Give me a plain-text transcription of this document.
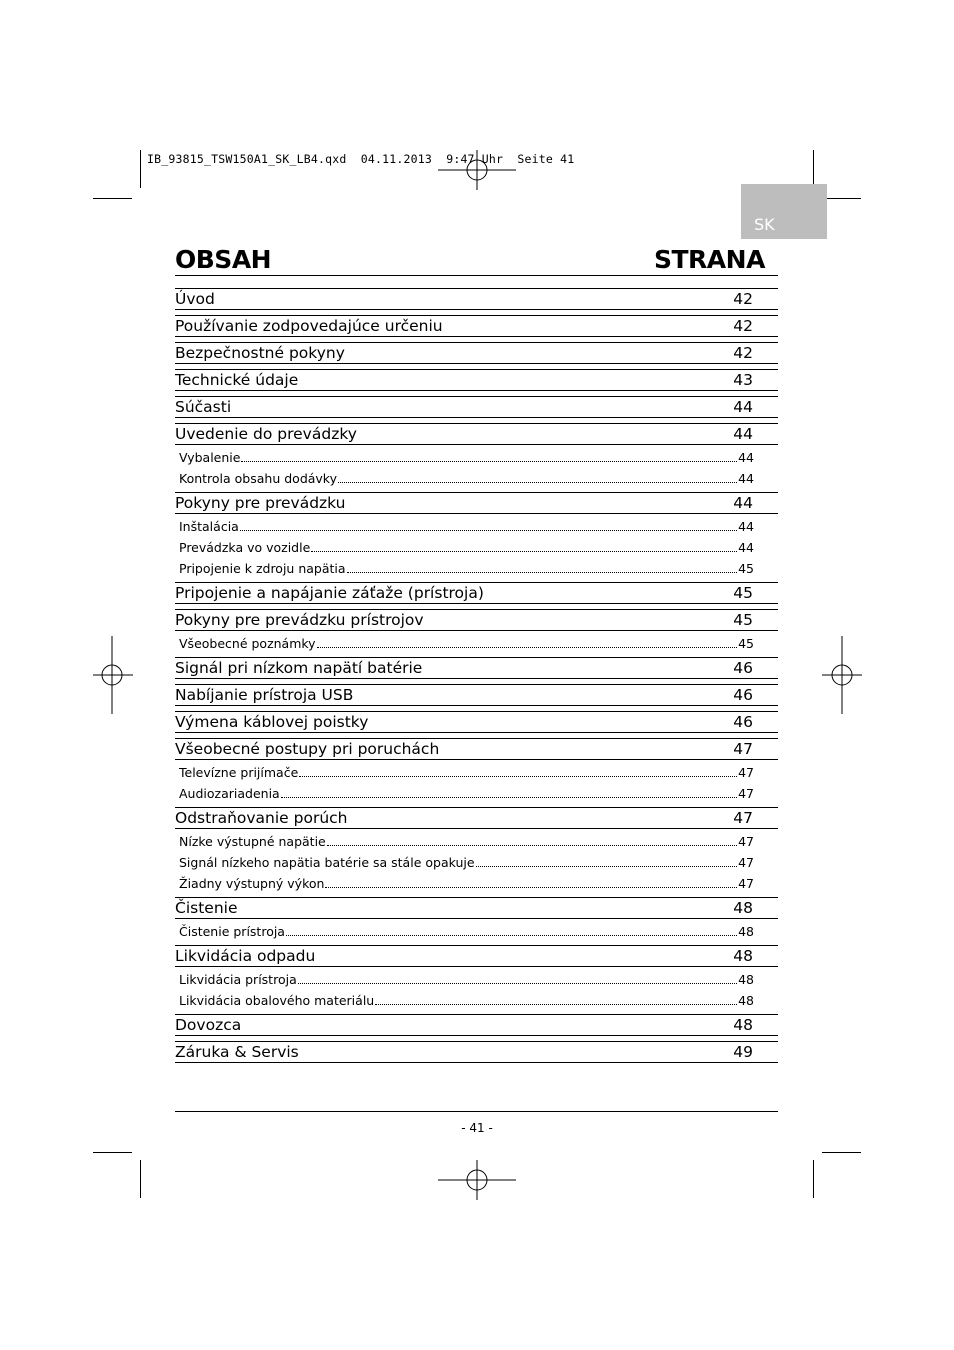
IB_93815_TSW150A1_SK_LB4.qxd  04.11.2013  9:47 Uhr  Seite 41
SK
OBSAH	STRANA
Úvod	42
Používanie zodpovedajúce určeniu	42
Bezpečnostné pokyny	42
Technické údaje	43
Súčasti	44
Uvedenie do prevádzky	44
Vybalenie	44
Kontrola obsahu dodávky	44
Pokyny pre prevádzku	44
Inštalácia	44
Prevádzka vo vozidle	44
Pripojenie k zdroju napätia	45
Pripojenie a napájanie záťaže (prístroja)	45
Pokyny pre prevádzku prístrojov	45
Všeobecné poznámky	45
Signál pri nízkom napätí batérie	46
Nabíjanie prístroja USB	46
Výmena káblovej poistky	46
Všeobecné postupy pri poruchách	47
Televízne prijímače	47
Audiozariadenia	47
Odstraňovanie porúch	47
Nízke výstupné napätie	47
Signál nízkeho napätia batérie sa stále opakuje	47
Žiadny výstupný výkon	47
Čistenie	48
Čistenie prístroja	48
Likvidácia odpadu	48
Likvidácia prístroja	48
Likvidácia obalového materiálu	48
Dovozca	48
Záruka & Servis	49
- 41 -
